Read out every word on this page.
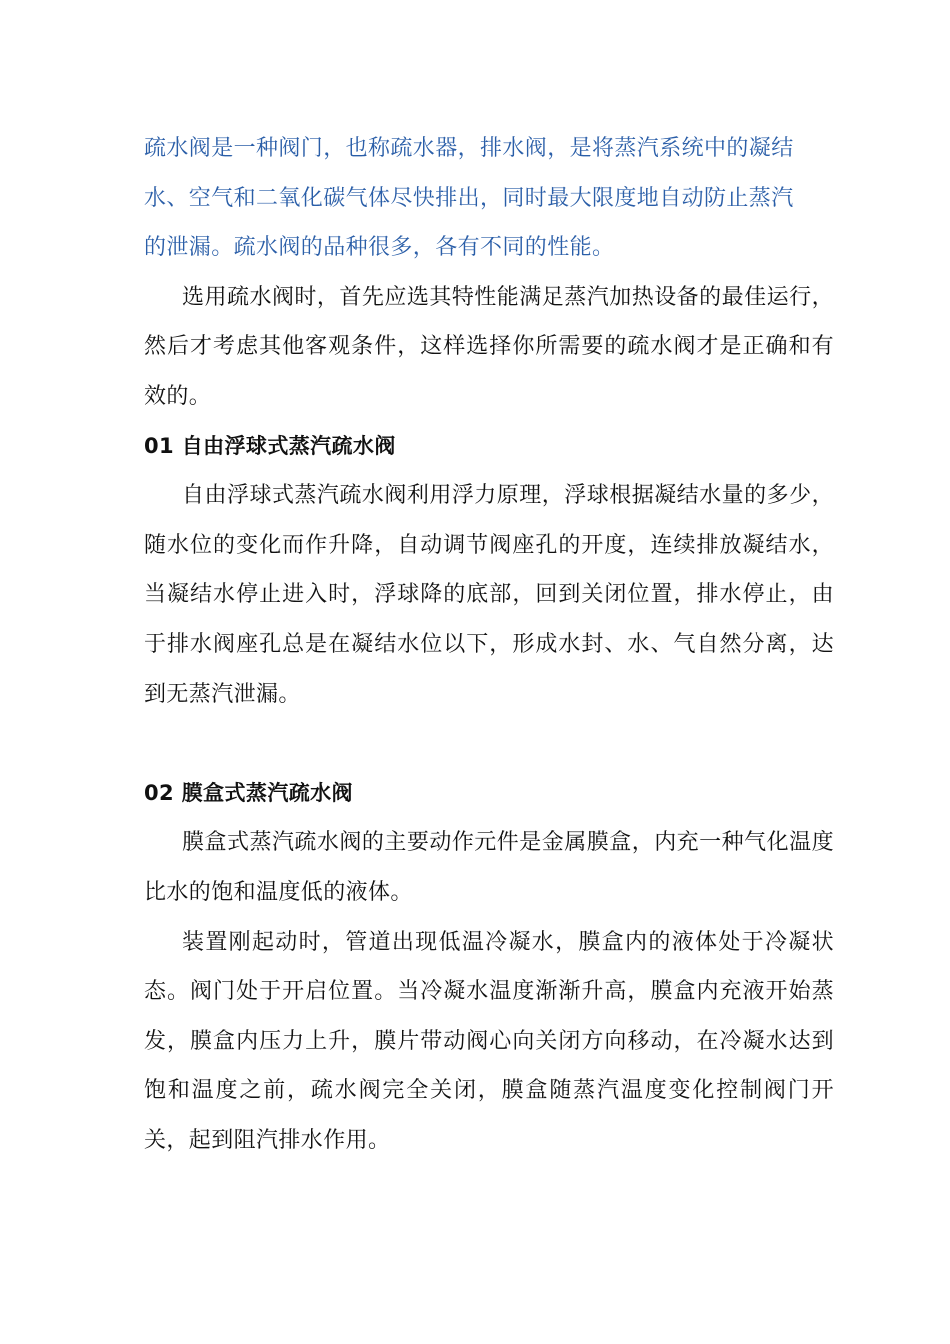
疏水阀是一种阀门，也称疏水器，排水阀，是将蒸汽系统中的凝结水、空气和二氧化碳气体尽快排出，同时最大限度地自动防止蒸汽的泄漏。疏水阀的品种很多，各有不同的性能。

选用疏水阀时，首先应选其特性能满足蒸汽加热设备的最佳运行，然后才考虑其他客观条件，这样选择你所需要的疏水阀才是正确和有效的。

01 自由浮球式蒸汽疏水阀

自由浮球式蒸汽疏水阀利用浮力原理，浮球根据凝结水量的多少，随水位的变化而作升降，自动调节阀座孔的开度，连续排放凝结水，当凝结水停止进入时，浮球降的底部，回到关闭位置，排水停止，由于排水阀座孔总是在凝结水位以下，形成水封、水、气自然分离，达到无蒸汽泄漏。

02 膜盒式蒸汽疏水阀

膜盒式蒸汽疏水阀的主要动作元件是金属膜盒，内充一种气化温度比水的饱和温度低的液体。

装置刚起动时，管道出现低温冷凝水，膜盒内的液体处于冷凝状态。阀门处于开启位置。当冷凝水温度渐渐升高，膜盒内充液开始蒸发，膜盒内压力上升，膜片带动阀心向关闭方向移动，在冷凝水达到饱和温度之前，疏水阀完全关闭，膜盒随蒸汽温度变化控制阀门开关，起到阻汽排水作用。
